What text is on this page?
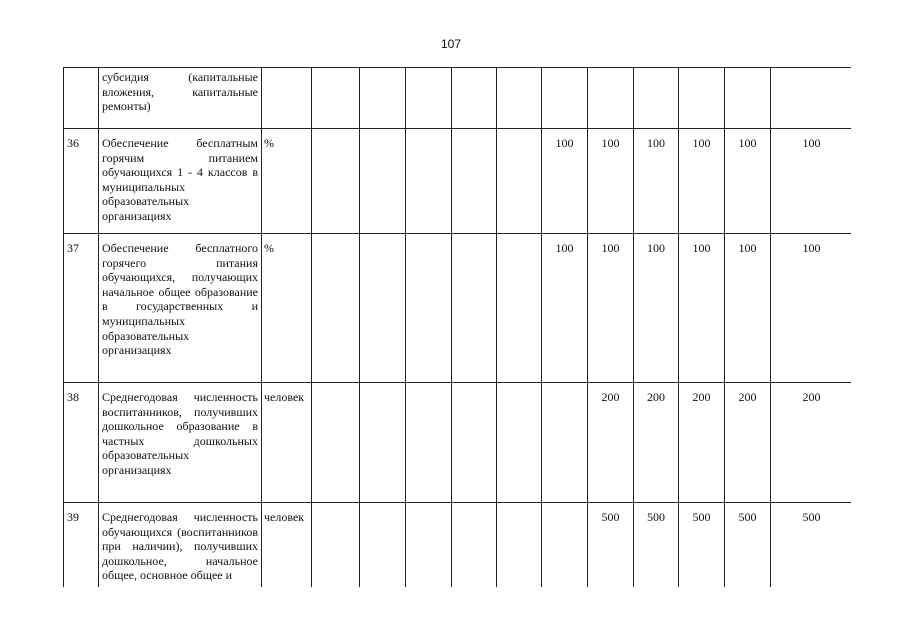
107
	субсидия (капитальные вложения, капитальные ремонты)												
36	Обеспечение бесплатным горячим питанием обучающихся 1 - 4 классов в муниципальных образовательных организациях	%						100	100	100	100	100	100
37	Обеспечение бесплатного горячего питания обучающихся, получающих начальное общее образование в государственных и муниципальных образовательных организациях	%						100	100	100	100	100	100
38	Среднегодовая численность воспитанников, получивших дошкольное образование в частных дошкольных образовательных организациях	человек							200	200	200	200	200
39	Среднегодовая численность обучающихся (воспитанников при наличии), получивших дошкольное, начальное общее, основное общее и	человек							500	500	500	500	500
